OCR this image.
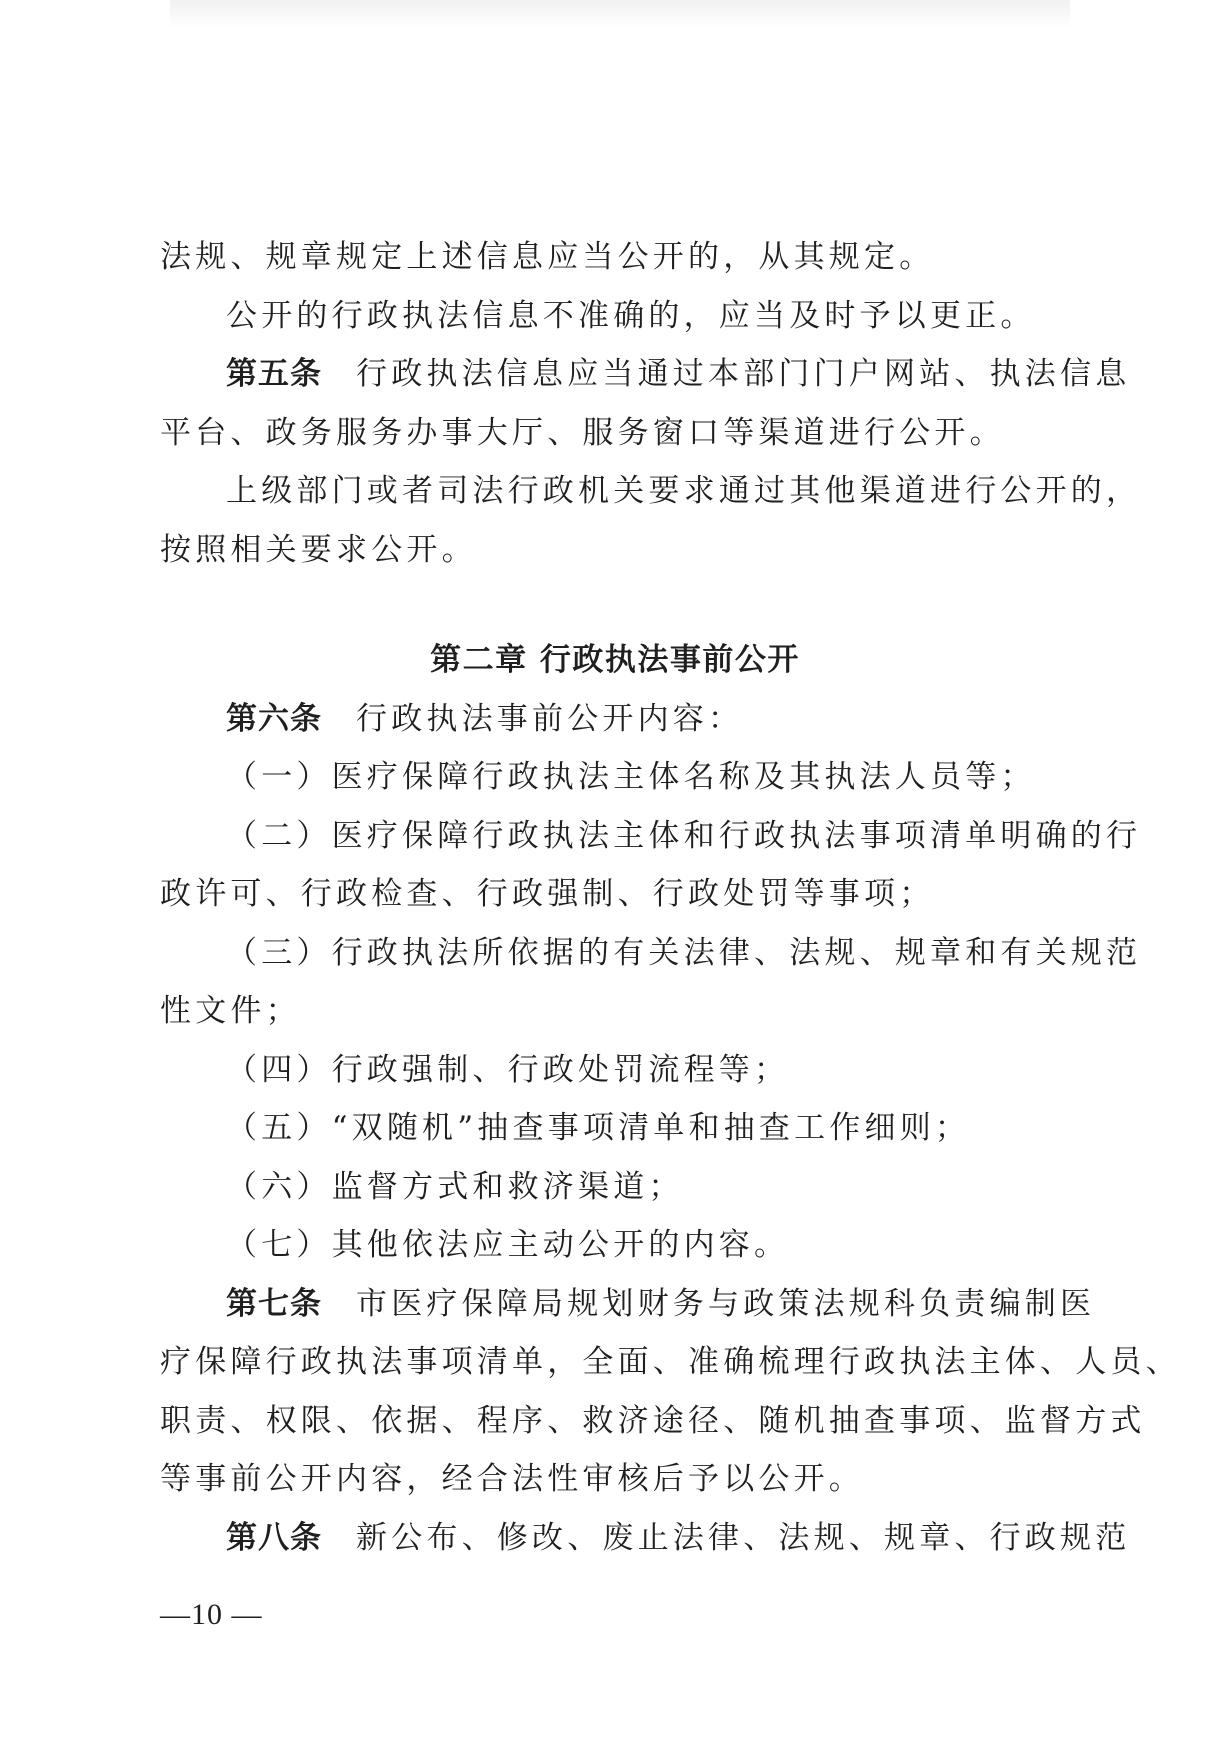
法规、规章规定上述信息应当公开的，从其规定。

公开的行政执法信息不准确的，应当及时予以更正。

第五条 行政执法信息应当通过本部门门户网站、执法信息

平台、政务服务办事大厅、服务窗口等渠道进行公开。

上级部门或者司法行政机关要求通过其他渠道进行公开的，

按照相关要求公开。

第二章 行政执法事前公开

第六条 行政执法事前公开内容：

（一）医疗保障行政执法主体名称及其执法人员等；

（二）医疗保障行政执法主体和行政执法事项清单明确的行

政许可、行政检查、行政强制、行政处罚等事项；

（三）行政执法所依据的有关法律、法规、规章和有关规范

性文件；

（四）行政强制、行政处罚流程等；

（五）“双随机”抽查事项清单和抽查工作细则；

（六）监督方式和救济渠道；

（七）其他依法应主动公开的内容。

第七条 市医疗保障局规划财务与政策法规科负责编制医

疗保障行政执法事项清单，全面、准确梳理行政执法主体、人员、

职责、权限、依据、程序、救济途径、随机抽查事项、监督方式

等事前公开内容，经合法性审核后予以公开。

第八条 新公布、修改、废止法律、法规、规章、行政规范

—10 —
